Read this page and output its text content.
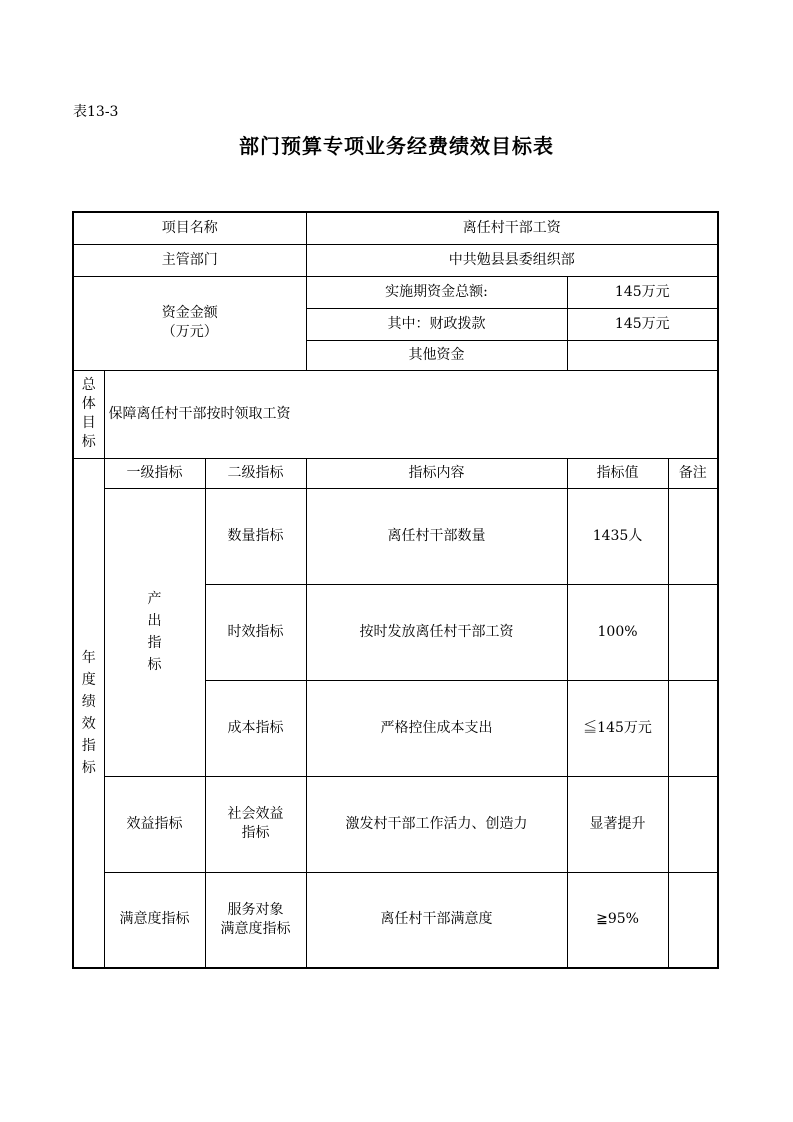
表13-3
部门预算专项业务经费绩效目标表
项目名称			离任村干部工资		
主管部门			中共勉县县委组织部		

资金金额
（万元）			实施期资金总额:	145万元	
			其中：财政拨款	145万元	
			其他资金		

总体目标	保障离任村干部按时领取工资				

年度绩效指标	一级指标	二级指标	指标内容	指标值	备注

	产出指标	数量指标	离任村干部数量	1435人	
		时效指标	按时发放离任村干部工资	100%	
		成本指标	严格控住成本支出	≦145万元	
	效益指标	社会效益
指标	激发村干部工作活力、创造力	显著提升	
	满意度指标	服务对象
满意度指标	离任村干部满意度	≧95%	
